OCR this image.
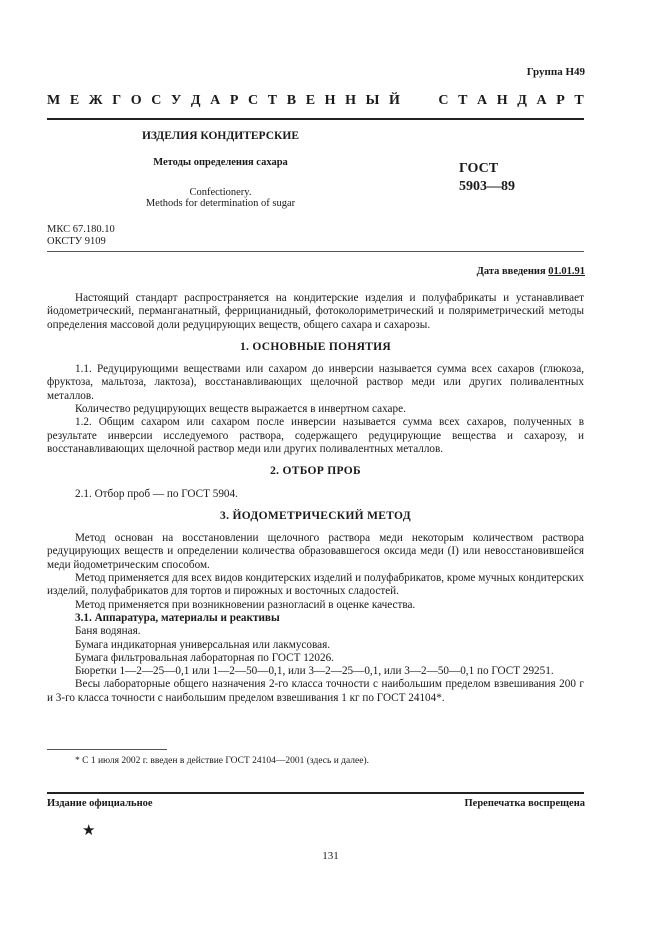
Группа Н49
М Е Ж Г О С У Д А Р С Т В Е Н Н Ы Й	С Т А Н Д А Р Т
ИЗДЕЛИЯ КОНДИТЕРСКИЕ
Методы определения сахара
Confectionery.
Methods for determination of sugar
ГОСТ
5903—89
МКС 67.180.10
ОКСТУ 9109
Дата введения 01.01.91

Настоящий стандарт распространяется на кондитерские изделия и полуфабрикаты и устанавливает йодометрический, перманганатный, феррицианидный, фотоколориметрический и поляриметрический методы определения массовой доли редуцирующих веществ, общего сахара и сахарозы.

1. ОСНОВНЫЕ ПОНЯТИЯ

1.1. Редуцирующими веществами или сахаром до инверсии называется сумма всех сахаров (глюкоза, фруктоза, мальтоза, лактоза), восстанавливающих щелочной раствор меди или других поливалентных металлов.

Количество редуцирующих веществ выражается в инвертном сахаре.

1.2. Общим сахаром или сахаром после инверсии называется сумма всех сахаров, полученных в результате инверсии исследуемого раствора, содержащего редуцирующие вещества и сахарозу, и восстанавливающих щелочной раствор меди или других поливалентных металлов.

2. ОТБОР ПРОБ

2.1. Отбор проб — по ГОСТ 5904.

3. ЙОДОМЕТРИЧЕСКИЙ МЕТОД

Метод основан на восстановлении щелочного раствора меди некоторым количеством раствора редуцирующих веществ и определении количества образовавшегося оксида меди (I) или невосстановившейся меди йодометрическим способом.

Метод применяется для всех видов кондитерских изделий и полуфабрикатов, кроме мучных кондитерских изделий, полуфабрикатов для тортов и пирожных и восточных сладостей.

Метод применяется при возникновении разногласий в оценке качества.

3.1. Аппаратура, материалы и реактивы

Баня водяная.

Бумага индикаторная универсальная или лакмусовая.

Бумага фильтровальная лабораторная по ГОСТ 12026.

Бюретки 1—2—25—0,1 или 1—2—50—0,1, или 3—2—25—0,1, или 3—2—50—0,1 по ГОСТ 29251.

Весы лабораторные общего назначения 2-го класса точности с наибольшим пределом взвешивания 200 г и 3-го класса точности с наибольшим пределом взвешивания 1 кг по ГОСТ 24104*.

* С 1 июля 2002 г. введен в действие ГОСТ 24104—2001 (здесь и далее).
Издание официальное	Перепечатка воспрещена
★
131
